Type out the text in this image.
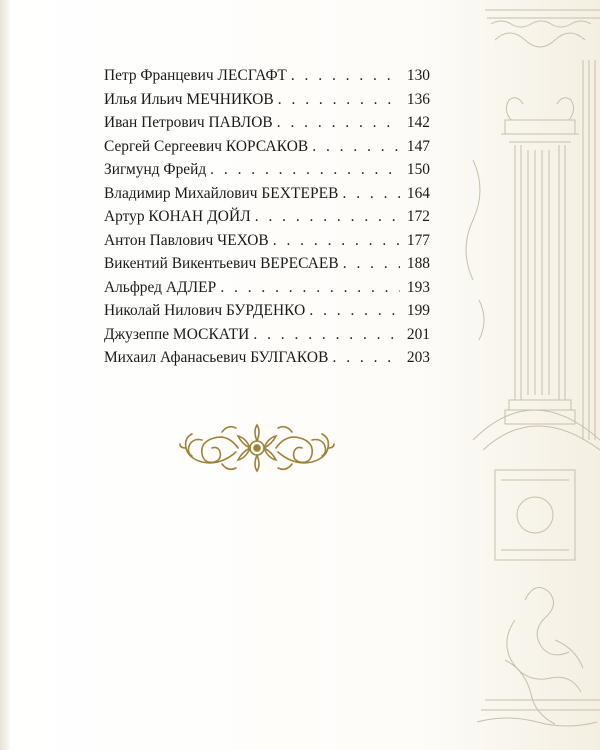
Петр Францевич ЛЕСГАФТ . . .	130
Илья Ильич МЕЧНИКОВ . . .	136
Иван Петрович ПАВЛОВ . . .	142
Сергей Сергеевич КОРСАКОВ . . .	147
Зигмунд Фрейд . . .	150
Владимир Михайлович БЕХТЕРЕВ . . .	164
Артур КОНАН ДОЙЛ . . .	172
Антон Павлович ЧЕХОВ . . .	177
Викентий Викентьевич ВЕРЕСАЕВ . . .	188
Альфред АДЛЕР . . .	193
Николай Нилович БУРДЕНКО . . .	199
Джузеппе МОСКАТИ . . .	201
Михаил Афанасьевич БУЛГАКОВ . . .	203
